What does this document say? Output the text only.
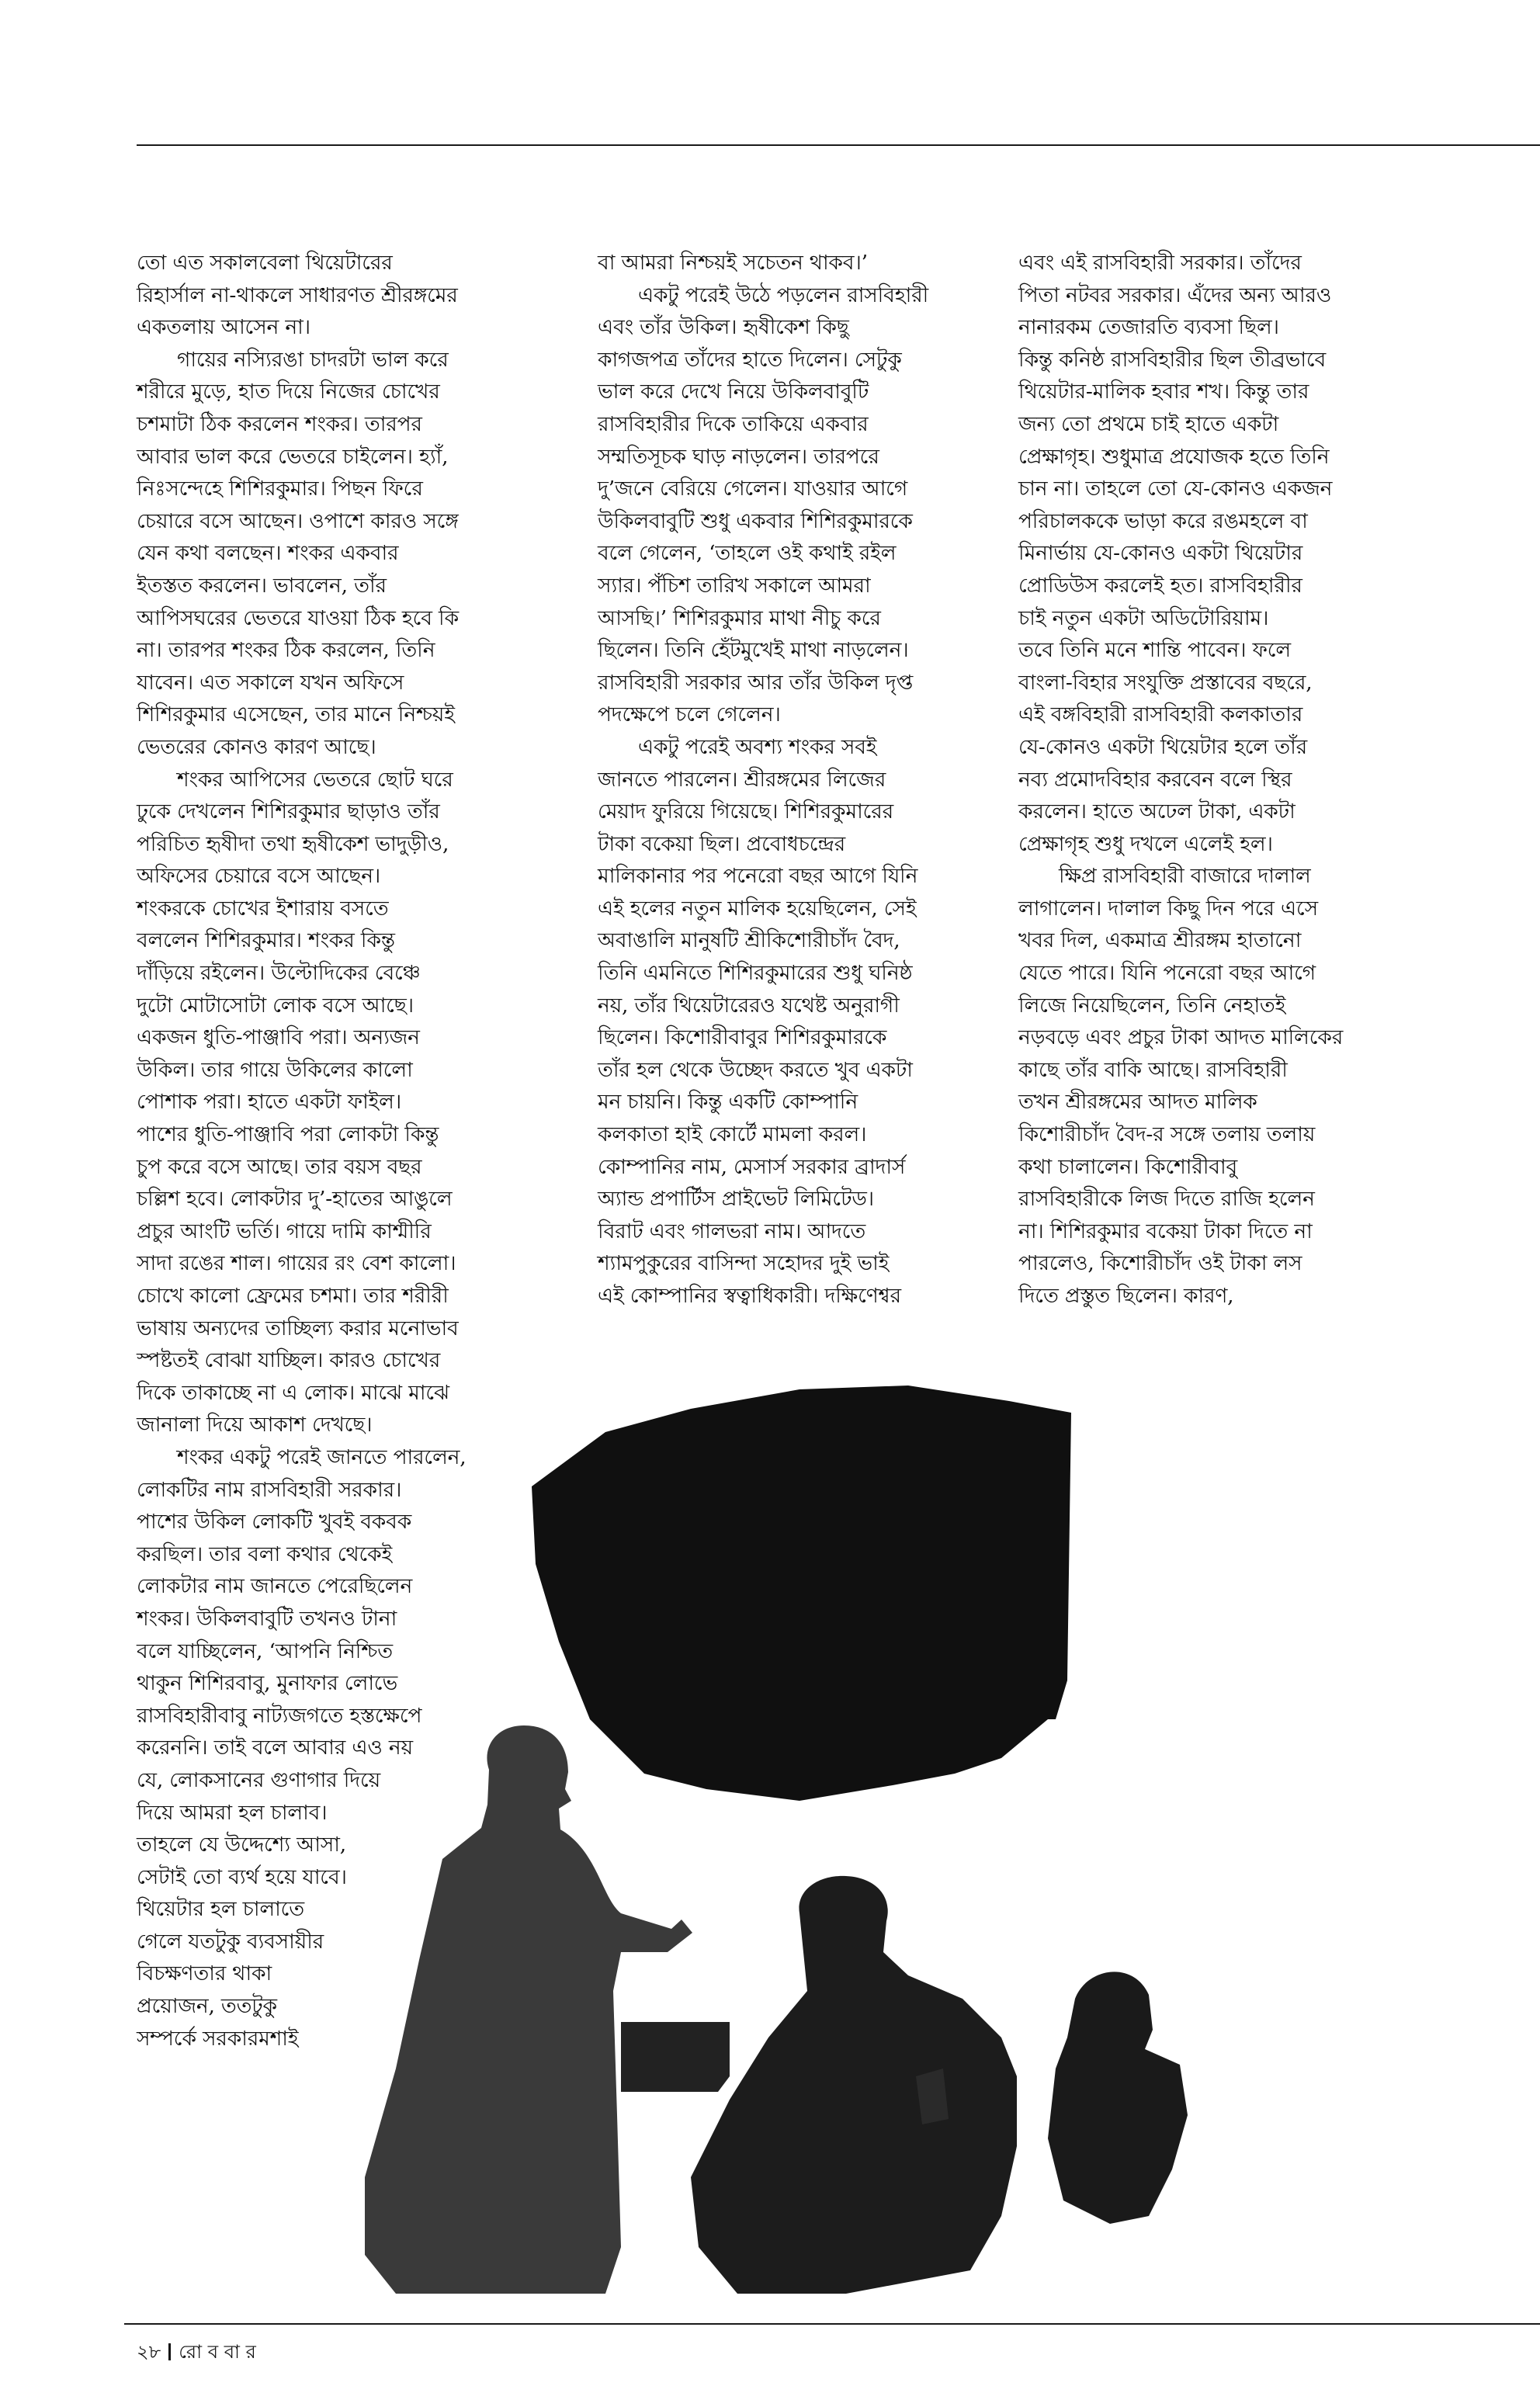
তো এত সকালবেলা থিয়েটারের

রিহার্সাল না-থাকলে সাধারণত শ্রীরঙ্গমের

একতলায় আসেন না।

গায়ের নস্যিরঙা চাদরটা ভাল করে

শরীরে মুড়ে, হাত দিয়ে নিজের চোখের

চশমাটা ঠিক করলেন শংকর। তারপর

আবার ভাল করে ভেতরে চাইলেন। হ্যাঁ,

নিঃসন্দেহে শিশিরকুমার। পিছন ফিরে

চেয়ারে বসে আছেন। ওপাশে কারও সঙ্গে

যেন কথা বলছেন। শংকর একবার

ইতস্তত করলেন। ভাবলেন, তাঁর

আপিসঘরের ভেতরে যাওয়া ঠিক হবে কি

না। তারপর শংকর ঠিক করলেন, তিনি

যাবেন। এত সকালে যখন অফিসে

শিশিরকুমার এসেছেন, তার মানে নিশ্চয়ই

ভেতরের কোনও কারণ আছে।

শংকর আপিসের ভেতরে ছোট ঘরে

ঢুকে দেখলেন শিশিরকুমার ছাড়াও তাঁর

পরিচিত হৃষীদা তথা হৃষীকেশ ভাদুড়ীও,

অফিসের চেয়ারে বসে আছেন।

শংকরকে চোখের ইশারায় বসতে

বললেন শিশিরকুমার। শংকর কিন্তু

দাঁড়িয়ে রইলেন। উল্টোদিকের বেঞ্চে

দুটো মোটাসোটা লোক বসে আছে।

একজন ধুতি-পাঞ্জাবি পরা। অন্যজন

উকিল। তার গায়ে উকিলের কালো

পোশাক পরা। হাতে একটা ফাইল।

পাশের ধুতি-পাঞ্জাবি পরা লোকটা কিন্তু

চুপ করে বসে আছে। তার বয়স বছর

চল্লিশ হবে। লোকটার দু’-হাতের আঙুলে

প্রচুর আংটি ভর্তি। গায়ে দামি কাশ্মীরি

সাদা রঙের শাল। গায়ের রং বেশ কালো।

চোখে কালো ফ্রেমের চশমা। তার শরীরী

ভাষায় অন্যদের তাচ্ছিল্য করার মনোভাব

স্পষ্টতই বোঝা যাচ্ছিল। কারও চোখের

দিকে তাকাচ্ছে না এ লোক। মাঝে মাঝে

জানালা দিয়ে আকাশ দেখছে।

শংকর একটু পরেই জানতে পারলেন,

লোকটির নাম রাসবিহারী সরকার।

পাশের উকিল লোকটি খুবই বকবক

করছিল। তার বলা কথার থেকেই

লোকটার নাম জানতে পেরেছিলেন

শংকর। উকিলবাবুটি তখনও টানা

বলে যাচ্ছিলেন, ‘আপনি নিশ্চিত

থাকুন শিশিরবাবু, মুনাফার লোভে

রাসবিহারীবাবু নাট্যজগতে হস্তক্ষেপে

করেননি। তাই বলে আবার এও নয়

যে, লোকসানের গুণাগার দিয়ে

দিয়ে আমরা হল চালাব।

তাহলে যে উদ্দেশ্যে আসা,

সেটাই তো ব্যর্থ হয়ে যাবে।

থিয়েটার হল চালাতে

গেলে যতটুকু ব্যবসায়ীর

বিচক্ষণতার থাকা

প্রয়োজন, ততটুকু

সম্পর্কে সরকারমশাই

বা আমরা নিশ্চয়ই সচেতন থাকব।’

একটু পরেই উঠে পড়লেন রাসবিহারী

এবং তাঁর উকিল। হৃষীকেশ কিছু

কাগজপত্র তাঁদের হাতে দিলেন। সেটুকু

ভাল করে দেখে নিয়ে উকিলবাবুটি

রাসবিহারীর দিকে তাকিয়ে একবার

সম্মতিসূচক ঘাড় নাড়লেন। তারপরে

দু’জনে বেরিয়ে গেলেন। যাওয়ার আগে

উকিলবাবুটি শুধু একবার শিশিরকুমারকে

বলে গেলেন, ‘তাহলে ওই কথাই রইল

স্যার। পঁচিশ তারিখ সকালে আমরা

আসছি।’ শিশিরকুমার মাথা নীচু করে

ছিলেন। তিনি হেঁটমুখেই মাথা নাড়লেন।

রাসবিহারী সরকার আর তাঁর উকিল দৃপ্ত

পদক্ষেপে চলে গেলেন।

একটু পরেই অবশ্য শংকর সবই

জানতে পারলেন। শ্রীরঙ্গমের লিজের

মেয়াদ ফুরিয়ে গিয়েছে। শিশিরকুমারের

টাকা বকেয়া ছিল। প্রবোধচন্দ্রের

মালিকানার পর পনেরো বছর আগে যিনি

এই হলের নতুন মালিক হয়েছিলেন, সেই

অবাঙালি মানুষটি শ্রীকিশোরীচাঁদ বৈদ,

তিনি এমনিতে শিশিরকুমারের শুধু ঘনিষ্ঠ

নয়, তাঁর থিয়েটারেরও যথেষ্ট অনুরাগী

ছিলেন। কিশোরীবাবুর শিশিরকুমারকে

তাঁর হল থেকে উচ্ছেদ করতে খুব একটা

মন চায়নি। কিন্তু একটি কোম্পানি

কলকাতা হাই কোর্টে মামলা করল।

কোম্পানির নাম, মেসার্স সরকার ব্রাদার্স

অ্যান্ড প্রপার্টিস প্রাইভেট লিমিটেড।

বিরাট এবং গালভরা নাম। আদতে

শ্যামপুকুরের বাসিন্দা সহোদর দুই ভাই

এই কোম্পানির স্বত্বাধিকারী। দক্ষিণেশ্বর

এবং এই রাসবিহারী সরকার। তাঁদের

পিতা নটবর সরকার। এঁদের অন্য আরও

নানারকম তেজারতি ব্যবসা ছিল।

কিন্তু কনিষ্ঠ রাসবিহারীর ছিল তীব্রভাবে

থিয়েটার-মালিক হবার শখ। কিন্তু তার

জন্য তো প্রথমে চাই হাতে একটা

প্রেক্ষাগৃহ। শুধুমাত্র প্রযোজক হতে তিনি

চান না। তাহলে তো যে-কোনও একজন

পরিচালককে ভাড়া করে রঙমহলে বা

মিনার্ভায় যে-কোনও একটা থিয়েটার

প্রোডিউস করলেই হত। রাসবিহারীর

চাই নতুন একটা অডিটোরিয়াম।

তবে তিনি মনে শান্তি পাবেন। ফলে

বাংলা-বিহার সংযুক্তি প্রস্তাবের বছরে,

এই বঙ্গবিহারী রাসবিহারী কলকাতার

যে-কোনও একটা থিয়েটার হলে তাঁর

নব্য প্রমোদবিহার করবেন বলে স্থির

করলেন। হাতে অঢেল টাকা, একটা

প্রেক্ষাগৃহ শুধু দখলে এলেই হল।

ক্ষিপ্র রাসবিহারী বাজারে দালাল

লাগালেন। দালাল কিছু দিন পরে এসে

খবর দিল, একমাত্র শ্রীরঙ্গম হাতানো

যেতে পারে। যিনি পনেরো বছর আগে

লিজে নিয়েছিলেন, তিনি নেহাতই

নড়বড়ে এবং প্রচুর টাকা আদত মালিকের

কাছে তাঁর বাকি আছে। রাসবিহারী

তখন শ্রীরঙ্গমের আদত মালিক

কিশোরীচাঁদ বৈদ-র সঙ্গে তলায় তলায়

কথা চালালেন। কিশোরীবাবু

রাসবিহারীকে লিজ দিতে রাজি হলেন

না। শিশিরকুমার বকেয়া টাকা দিতে না

পারলেও, কিশোরীচাঁদ ওই টাকা লস

দিতে প্রস্তুত ছিলেন। কারণ,

২৮ রো ব বা র
